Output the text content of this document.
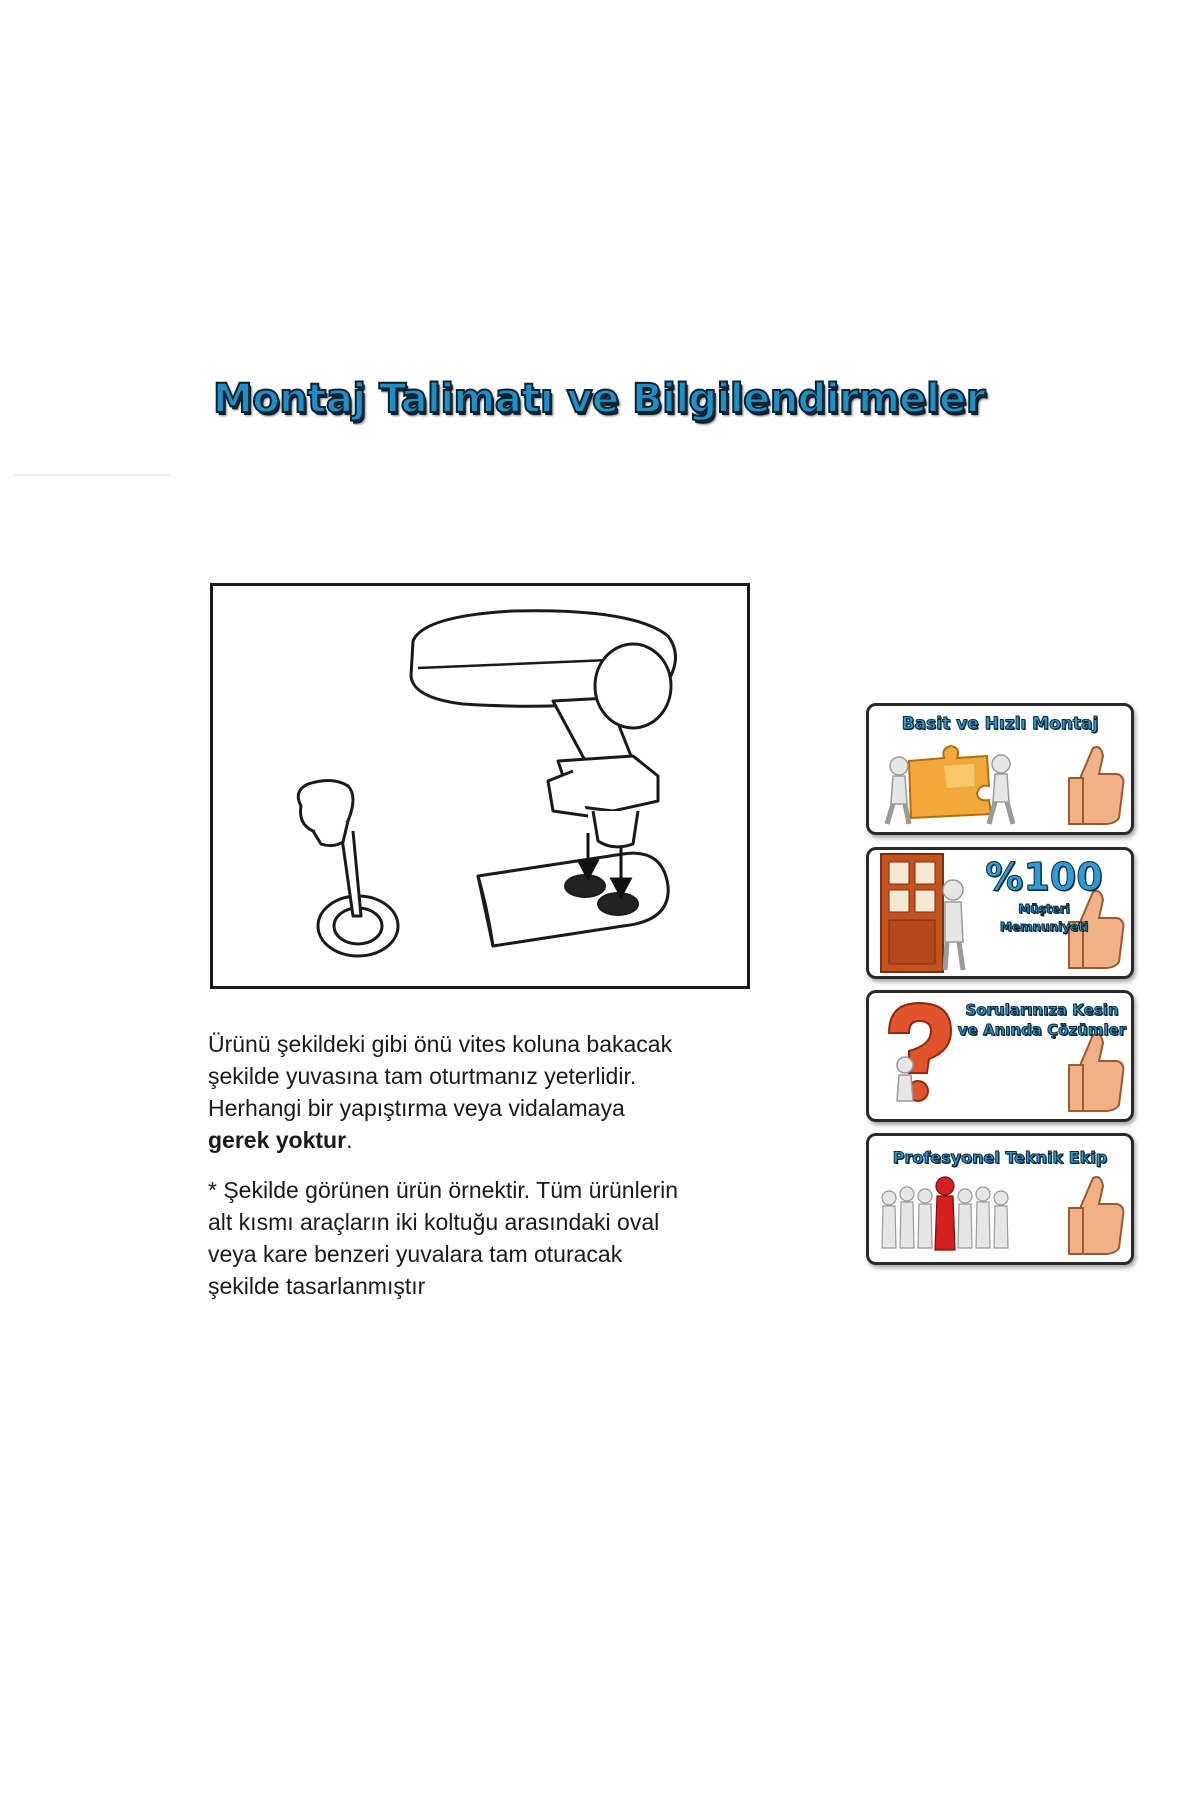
Montaj Talimatı ve Bilgilendirmeler
Ürünü şekildeki gibi önü vites koluna bakacak
şekilde yuvasına tam oturtmanız yeterlidir.
Herhangi bir yapıştırma veya vidalamaya
gerek yoktur.
* Şekilde görünen ürün örnektir. Tüm ürünlerin
alt kısmı araçların iki koltuğu arasındaki oval
veya kare benzeri yuvalara tam oturacak
şekilde tasarlanmıştır
Basit ve Hızlı Montaj
%100
Müşteri
Memnuniyeti
Sorularınıza Kesin
ve Anında Çözümler
Profesyonel Teknik Ekip
